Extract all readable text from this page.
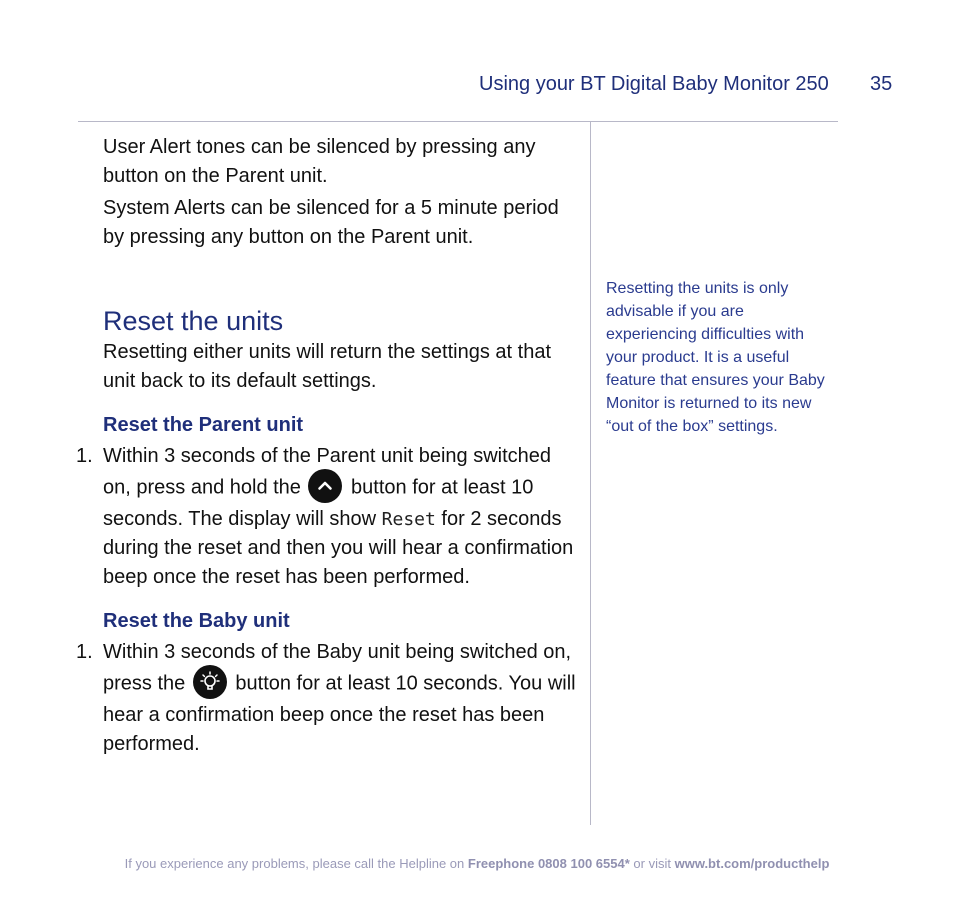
Using your BT Digital Baby Monitor 250 35

User Alert tones can be silenced by pressing any button on the Parent unit.

System Alerts can be silenced for a 5 minute period by pressing any button on the Parent unit.

Reset the units

Resetting either units will return the settings at that unit back to its default settings.

Reset the Parent unit
1. Within 3 seconds of the Parent unit being switched on, press and hold the	button for at least 10 seconds. The display will show Reset for 2 seconds during the reset and then you will hear a confirmation beep once the reset has been performed.
Reset the Baby unit
1. Within 3 seconds of the Baby unit being switched on, press the	button for at least 10 seconds. You will hear a confirmation beep once the reset has been performed.
Resetting the units is only advisable if you are experiencing difficulties with your product. It is a useful feature that ensures your Baby Monitor is returned to its new “out of the box” settings.
If you experience any problems, please call the Helpline on Freephone 0808 100 6554* or visit www.bt.com/producthelp
